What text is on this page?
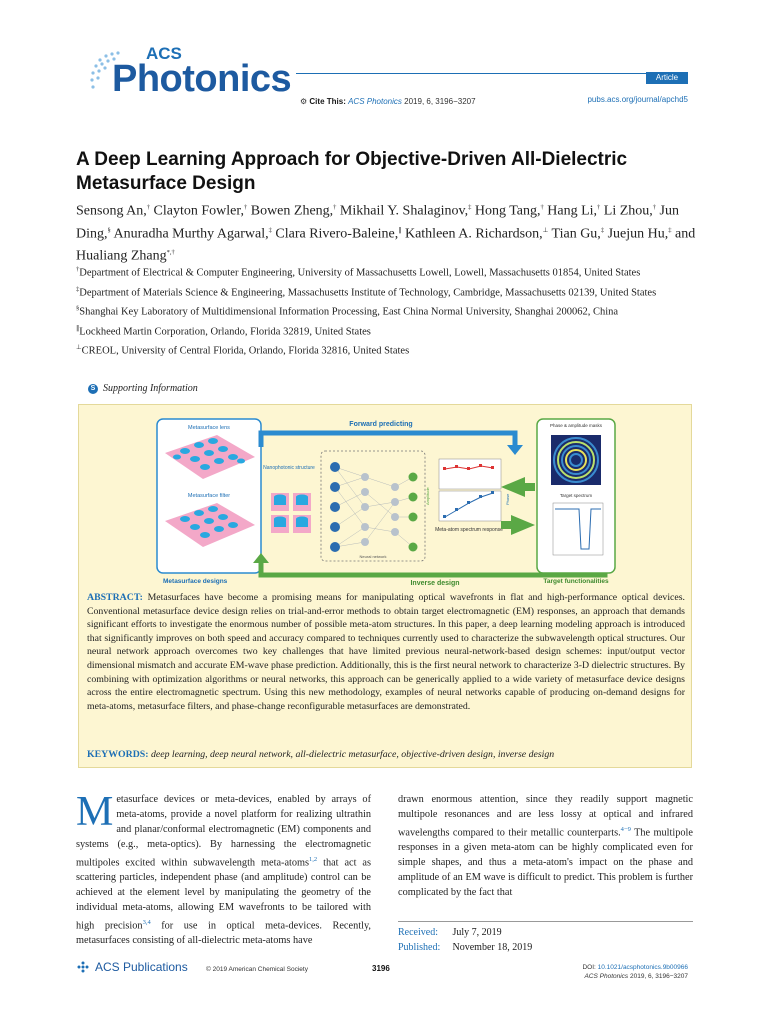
ACS
Photonics	Article
⚙ Cite This: ACS Photonics 2019, 6, 3196−3207	pubs.acs.org/journal/apchd5
A Deep Learning Approach for Objective-Driven All-Dielectric Metasurface Design
Sensong An,† Clayton Fowler,† Bowen Zheng,† Mikhail Y. Shalaginov,‡ Hong Tang,† Hang Li,† Li Zhou,† Jun Ding,§ Anuradha Murthy Agarwal,‡ Clara Rivero-Baleine,∥ Kathleen A. Richardson,⊥ Tian Gu,‡ Juejun Hu,‡ and Hualiang Zhang*,†

†Department of Electrical & Computer Engineering, University of Massachusetts Lowell, Lowell, Massachusetts 01854, United States

‡Department of Materials Science & Engineering, Massachusetts Institute of Technology, Cambridge, Massachusetts 02139, United States

§Shanghai Key Laboratory of Multidimensional Information Processing, East China Normal University, Shanghai 200062, China

∥Lockheed Martin Corporation, Orlando, Florida 32819, United States

⊥CREOL, University of Central Florida, Orlando, Florida 32816, United States

S Supporting Information
Metasurface lens
Metasurface filter
Metasurface designs
Forward predicting
Nanophotonic structure
Neural network
Amplitude	Phase
Meta-atom spectrum response
Inverse design
Phase & amplitude masks
Target spectrum
Target functionalities

ABSTRACT: Metasurfaces have become a promising means for manipulating optical wavefronts in flat and high-performance optical devices. Conventional metasurface device design relies on trial-and-error methods to obtain target electromagnetic (EM) responses, an approach that demands significant efforts to investigate the enormous number of possible meta-atom structures. In this paper, a deep learning modeling approach is introduced that significantly improves on both speed and accuracy compared to techniques currently used to characterize the subwavelength optical structures. Our neural network approach overcomes two key challenges that have limited previous neural-network-based design schemes: input/output vector dimensional mismatch and accurate EM-wave phase prediction. Additionally, this is the first neural network to characterize 3-D dielectric structures. By combining with optimization algorithms or neural networks, this approach can be generically applied to a wide variety of metasurface device designs across the entire electromagnetic spectrum. Using this new methodology, examples of neural networks capable of producing on-demand designs for meta-atoms, metasurface filters, and phase-change reconfigurable metasurfaces are demonstrated.

KEYWORDS: deep learning, deep neural network, all-dielectric metasurface, objective-driven design, inverse design

Metasurface devices or meta-devices, enabled by arrays of meta-atoms, provide a novel platform for realizing ultrathin and planar/conformal electromagnetic (EM) components and systems (e.g., meta-optics). By harnessing the electromagnetic multipoles excited within subwavelength meta-atoms$^{1,2}$ that act as scattering particles, independent phase (and amplitude) control can be achieved at the element level by manipulating the geometry of the individual meta-atoms, allowing EM wavefronts to be tailored with high precision$^{3,4}$ for use in optical meta-devices. Recently, metasurfaces consisting of all-dielectric meta-atoms have
drawn enormous attention, since they readily support magnetic multipole resonances and are less lossy at optical and infrared wavelengths compared to their metallic counterparts.$^{4-9}$ The multipole responses in a given meta-atom can be highly complicated even for simple shapes, and thus a meta-atom's impact on the phase and amplitude of an EM wave is difficult to predict. This problem is further complicated by the fact that
Received: July 7, 2019
Published: November 18, 2019
ACS Publications	© 2019 American Chemical Society	3196	DOI: 10.1021/acsphotonics.9b00966
ACS Photonics 2019, 6, 3196−3207
